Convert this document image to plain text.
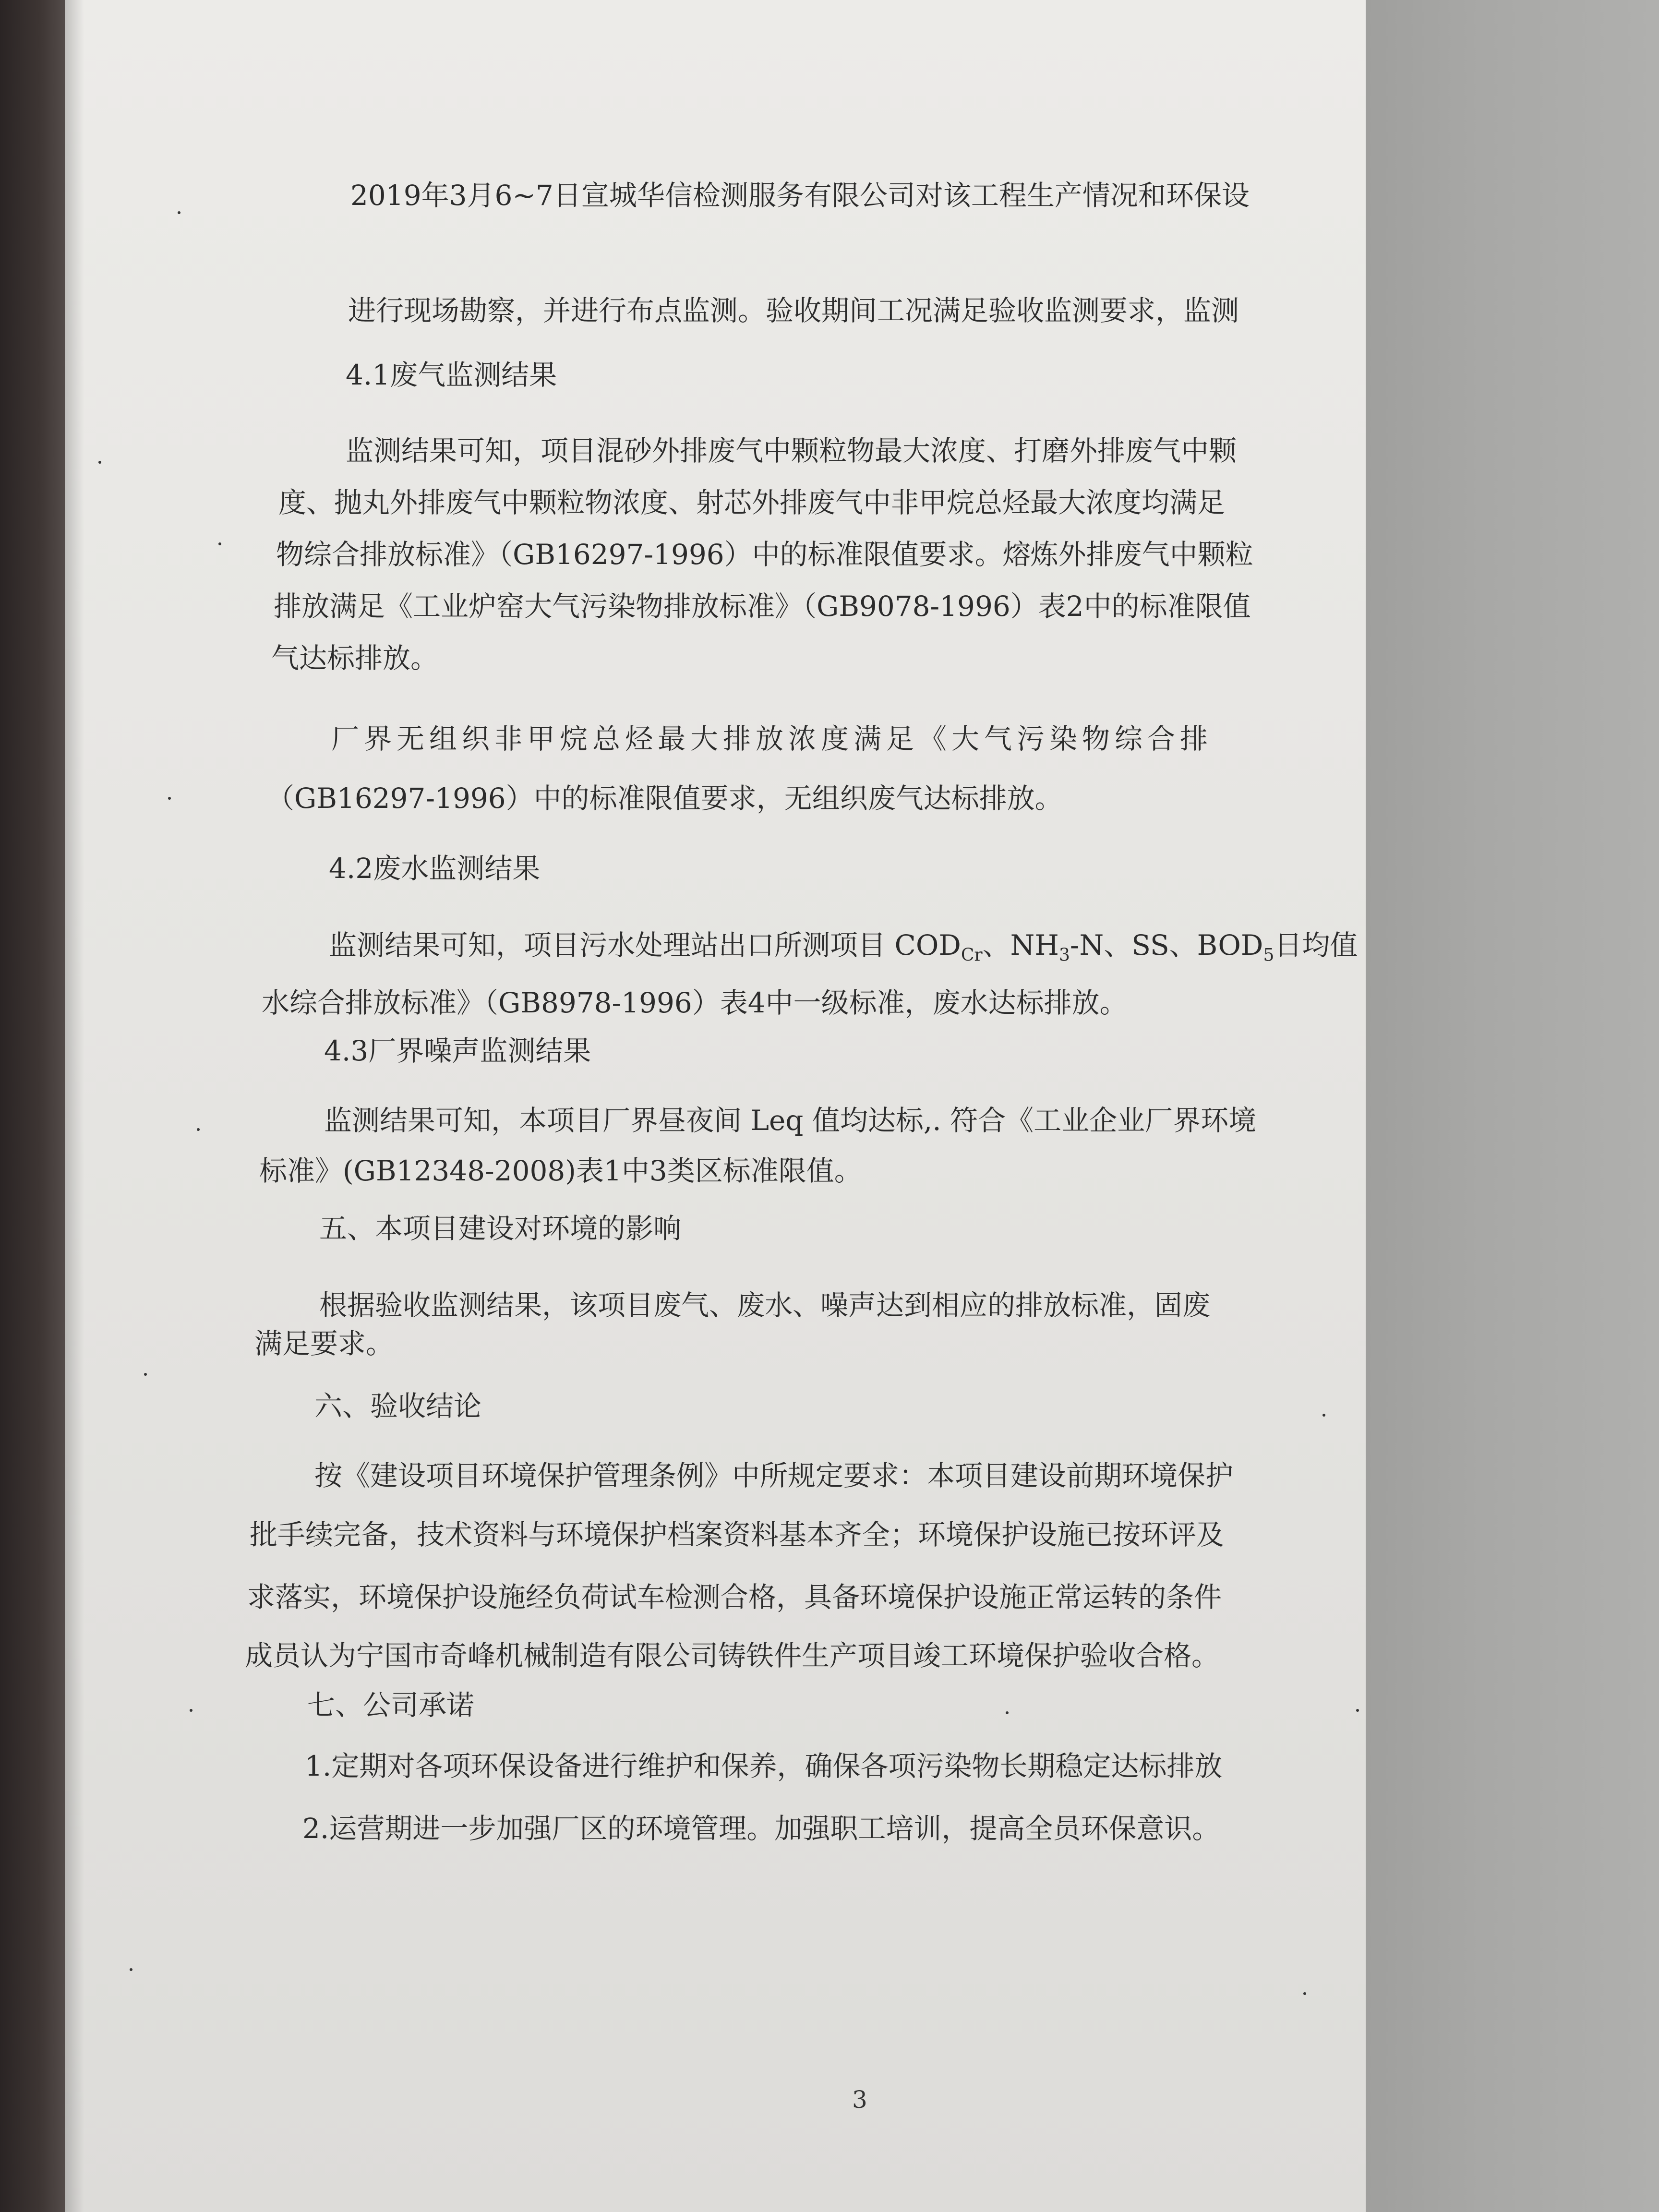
2019年3月6~7日宣城华信检测服务有限公司对该工程生产情况和环保设
进行现场勘察，并进行布点监测。验收期间工况满足验收监测要求，监测
4.1废气监测结果
监测结果可知，项目混砂外排废气中颗粒物最大浓度、打磨外排废气中颗
度、抛丸外排废气中颗粒物浓度、射芯外排废气中非甲烷总烃最大浓度均满足
物综合排放标准》（GB16297-1996）中的标准限值要求。熔炼外排废气中颗粒
排放满足《工业炉窑大气污染物排放标准》（GB9078-1996）表2中的标准限值
气达标排放。
厂界无组织非甲烷总烃最大排放浓度满足《大气污染物综合排
（GB16297-1996）中的标准限值要求，无组织废气达标排放。
4.2废水监测结果
监测结果可知，项目污水处理站出口所测项目 $COD_{Cr}$、$NH_3-N$、SS、$BOD_5$日均值
水综合排放标准》（GB8978-1996）表4中一级标准，废水达标排放。
4.3厂界噪声监测结果
监测结果可知，本项目厂界昼夜间 Leq 值均达标,. 符合《工业企业厂界环境
标准》(GB12348-2008)表1中3类区标准限值。
五、本项目建设对环境的影响
根据验收监测结果，该项目废气、废水、噪声达到相应的排放标准，固废
满足要求。
六、验收结论
按《建设项目环境保护管理条例》中所规定要求：本项目建设前期环境保护
批手续完备，技术资料与环境保护档案资料基本齐全；环境保护设施已按环评及
求落实，环境保护设施经负荷试车检测合格，具备环境保护设施正常运转的条件
成员认为宁国市奇峰机械制造有限公司铸铁件生产项目竣工环境保护验收合格。
七、公司承诺
1.定期对各项环保设备进行维护和保养，确保各项污染物长期稳定达标排放
2.运营期进一步加强厂区的环境管理。加强职工培训，提高全员环保意识。
3
